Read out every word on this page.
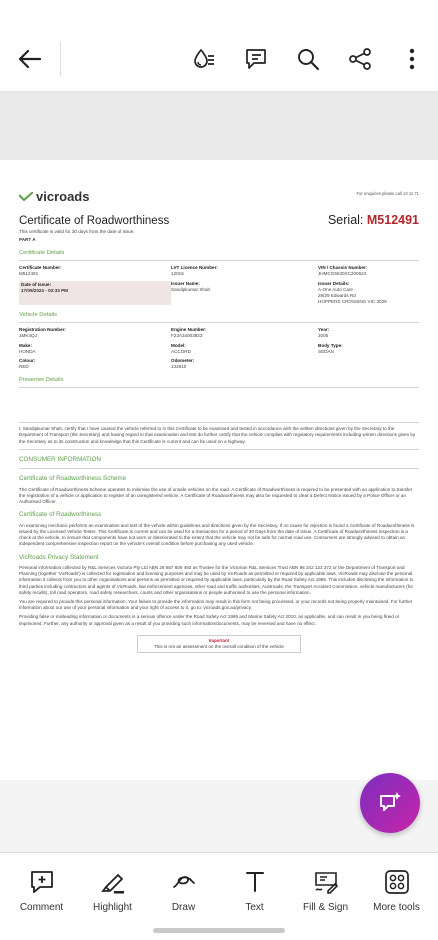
vicroads	For enquiries please call 13 11 71
Certificate of Roadworthiness	Serial: M512491
This certificate is valid for 30 days from the date of issue.
PART A
Certificate Details
Certificate Number:
M512491
LVT Licence Number:
12015
VIN / Chassis Number:
JHMCG5630XC200623
Date of Issue:
17/09/2024 - 03:33 PM
Issuer Name:
Sandipkumar Shah
Issuer Details:
A-One Auto Care
29/29 Edwards Rd
HOPPERS CROSSING VIC 3029
Vehicle Details
Registration Number:
1MK4QJ
Engine Number:
F23A34003623
Year:
2005
Make:
HONDA
Model:
ACCORD
Body Type:
SEDAN
Colour:
RED
Odometer:
132610
Presenter Details
I, Sandipkumar Shah, certify that I have caused the vehicle referred to in this Certificate to be examined and tested in accordance with the written directions given by the Secretary to the Department of Transport (the Secretary) and having regard to that examination and test do further certify that the vehicle complies with regulatory requirements including written directions given by the Secretary as to its construction and knowledge that this Certificate is current and can be used on a highway.
CONSUMER INFORMATION
Certificate of Roadworthiness Scheme
The Certificate of Roadworthiness Scheme operates to minimise the use of unsafe vehicles on the road. A Certificate of Roadworthiness is required to be presented with an application to transfer the registration of a vehicle or application to register of an unregistered vehicle. A Certificate of Roadworthiness may also be requested to clear a Defect Notice issued by a Police Officer or an Authorised Officer.
Certificate of Roadworthiness
An examining mechanic performs an examination and test of the vehicle within guidelines and directions given by the Secretary. If no cause for rejection is found a Certificate of Roadworthiness is issued by the Licensed Vehicle Tester. This Certificate is current and can be used for a transaction for a period of 30 Days from the date of issue. A Certificate of Roadworthiness inspection is a check at the vehicle, to ensure that components have not worn or deteriorated to the extent that the vehicle may not be safe for normal road use. Consumers are strongly advised to obtain an independent comprehensive inspection report on the vehicle's overall condition before purchasing any used vehicle.
VicRoads Privacy Statement
Personal information collected by R&L Services Victoria Pty Ltd ABN 28 657 809 493 as Trustee for the Victorian R&L Services Trust ABN 96 342 123 372 or the Department of Transport and Planning (together 'VicRoads') is collected for registration and licensing purposes and may be used by VicRoads as permitted or required by applicable laws. VicRoads may disclose the personal information it collects from you to other organisations and persons as permitted or required by applicable laws, particularly by the Road Safety Act 1986. This includes disclosing the information to third parties including contractors and agents of VicRoads, law enforcement agencies, other road and traffic authorities, Austroads, the Transport Accident Commission, vehicle manufacturers (for safety recalls), toll road operators, road safety researchers, courts and other organisations or people authorised to use the personal information.
You are required to provide this personal information. Your failure to provide the information may result in this form not being processed, or your records not being properly maintained. For further information about our use of your personal information and your right of access to it, go to: vicroads.gov.au/privacy.
Providing false or misleading information or documents is a serious offence under the Road Safety Act 1986 and Marine Safety Act 2010, as applicable, and can result in you being fined or imprisoned. Further, any authority or approval given as a result of you providing such information/documents, may be reversed and have no effect.
Important
This is not an assessment on the overall condition of the vehicle
Comment	Highlight	Draw	Text	Fill & Sign	More tools
